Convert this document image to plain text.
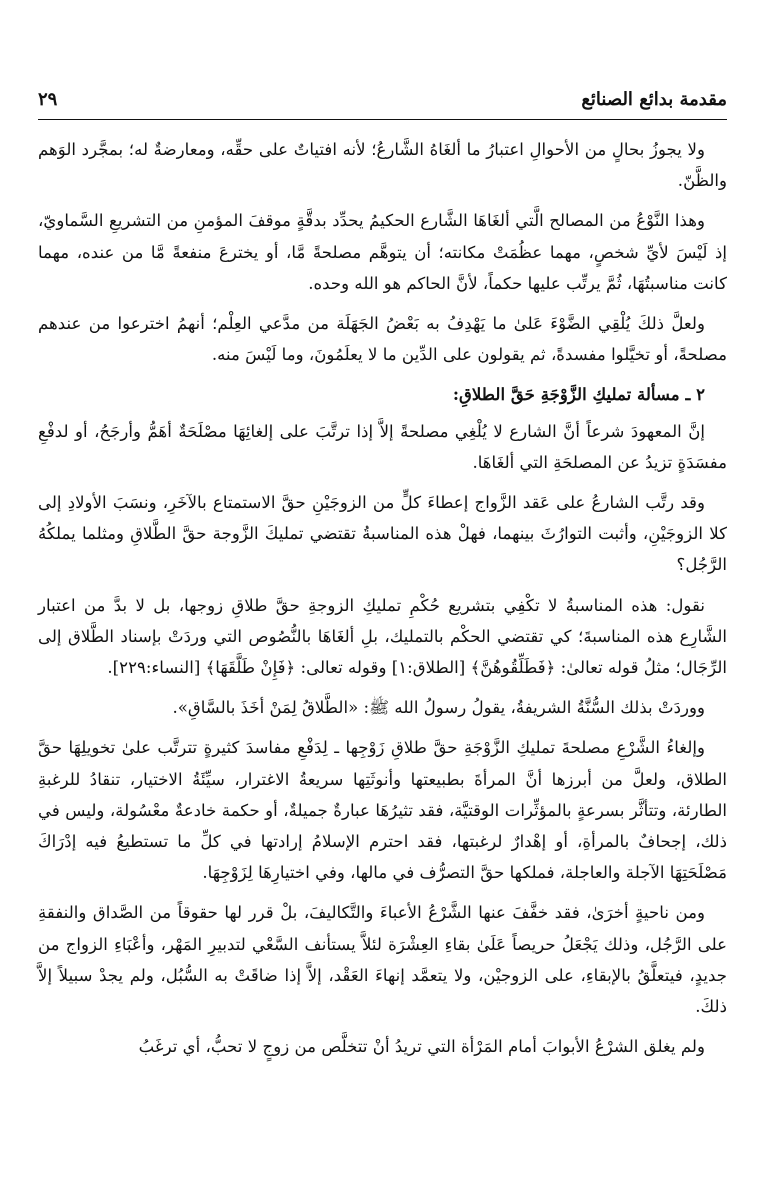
مقدمة بدائع الصنائع
٢٩

ولا يجوزُ بحالٍ من الأحوالِ اعتبارُ ما ألغَاهُ الشَّارعُ؛ لأنه افتياتٌ على حقِّه، ومعارضةٌ له؛ بمجَّرد الوَهم والظَّنّ.

وهذا النَّوْعُ من المصالح الَّتي ألغَاهَا الشَّارع الحكيمُ يحدِّد بدقَّةٍ موقفَ المؤمنِ من التشريعِ السَّماويّ، إذ لَيْسَ لأيِّ شخصٍ، مهما عظُمَتْ مكانته؛ أن يتوهَّم مصلحةً مَّا، أو يخترعَ منفعةً مَّا من عنده، مهما كانت مناسبتُهَا، ثُمَّ يرتِّب عليها حكماً، لأنَّ الحاكم هو الله وحده.

ولعلَّ ذلكَ يُلْقِي الضَّوْءَ عَلىٰ ما يَهْدِفُ به بَعْضُ الجَهَلَة من مدَّعي العِلْم؛ أنهمُ اخترعوا من عندهم مصلحةً، أو تخيَّلوا مفسدةً، ثم يقولون على الدِّين ما لا يعلَمُونَ، وما لَيْسَ منه.

٢ ـ مسألة تمليكِ الزَّوْجَةِ حَقَّ الطلاقِ:

إنَّ المعهودَ شرعاً أنَّ الشارع لا يُلْغِي مصلحةً إلاَّ إذا ترتَّبَ على إلغائِهَا مصْلَحَةٌ أهَمُّ وأرجَحُ، أو لدفْعِ مفسَدَةٍ تزيدُ عن المصلحَةِ التي ألغَاهَا.

وقد رتَّب الشارعُ على عَقد الزَّواج إعطاءَ كلٍّ من الزوجَيْنِ حقَّ الاستمتاع بالآخَرِ، ونسَبَ الأولادِ إلى كلا الزوجَيْنِ، وأثبت التوارُثَ بينهما، فهلْ هذه المناسبةُ تقتضي تمليكَ الزَّوجة حقَّ الطَّلاقِ ومثلما يملكُهُ الرَّجُل؟

نقول: هذه المناسبةُ لا تكْفِي بتشريع حُكْمِ تمليكِ الزوجةِ حقَّ طلاقِ زوجها، بل لا بدَّ من اعتبار الشَّارِع هذه المناسبةَ؛ كي تقتضي الحكْم بالتمليك، بلِ ألغَاهَا بالنُّصُوص التي وردَتْ بإسناد الطَّلاق إلى الرِّجَال؛ مثلُ قوله تعالىٰ: ﴿فَطَلِّقُوهُنَّ﴾ [الطلاق:١] وقوله تعالى: ﴿فَإِنْ طَلَّقَهَا﴾ [النساء:٢٢٩].

ووردَتْ بذلك السُّنَّةُ الشريفةُ، يقولُ رسولُ الله ﷺ: «الطَّلاقُ لِمَنْ أخَذَ بالسَّاقِ».

وإلغاءُ الشَّرْعِ مصلحةَ تمليكِ الزَّوْجَةِ حقَّ طلاقِ زَوْجِها ـ لِدَفْعِ مفاسدَ كثيرةٍ تترتَّب علىٰ تخويلِهَا حقَّ الطلاق، ولعلَّ من أبرزها أنَّ المرأةَ بطبيعتها وأنوثَتِها سريعةُ الاغترار، سيِّئَةُ الاختيار، تنقادُ للرغبةِ الطارئة، وتتأثَّر بسرعةٍ بالمؤثِّرات الوقتيَّة، فقد تثيرُهَا عبارةٌ جميلةٌ، أو حكمة خادعةٌ معْسُولة، وليس في ذلك، إجحافٌ بالمرأةِ، أو إهْدارٌ لرغبتها، فقد احترم الإسلامُ إرادتها في كلِّ ما تستطيعُ فيه إدْرَاكَ مَصْلَحَتِهَا الآجلة والعاجلة، فملكها حقَّ التصرُّف في مالها، وفي اختيارِهَا لِزَوْجِهَا.

ومن ناحيةٍ أخرَىٰ، فقد خفَّفَ عنها الشَّرْعُ الأعباءَ والتَّكاليفَ، بلْ قرر لها حقوقاً من الصَّداق والنفقةِ على الرَّجُل، وذلك يَجْعَلُ حريصاً عَلَىٰ بقاءِ العِشْرَة لئلاَّ يستأنف السَّعْي لتدبيرِ المَهْر، وأعْبَاءِ الزواج من جديدٍ، فيتعلَّقُ بالإبقاءِ، على الزوجيْن، ولا يتعمَّد إنهاءَ العَقْد، إلاَّ إذا ضاقَتْ به السُّبُل، ولم يجدْ سبيلاً إلاَّ ذلكَ.

ولم يغلق الشرْعُ الأبوابَ أمام المَرْأة التي تريدُ أنْ تتخلَّص من زوجٍ لا تحبُّ، أي ترغَبُ
